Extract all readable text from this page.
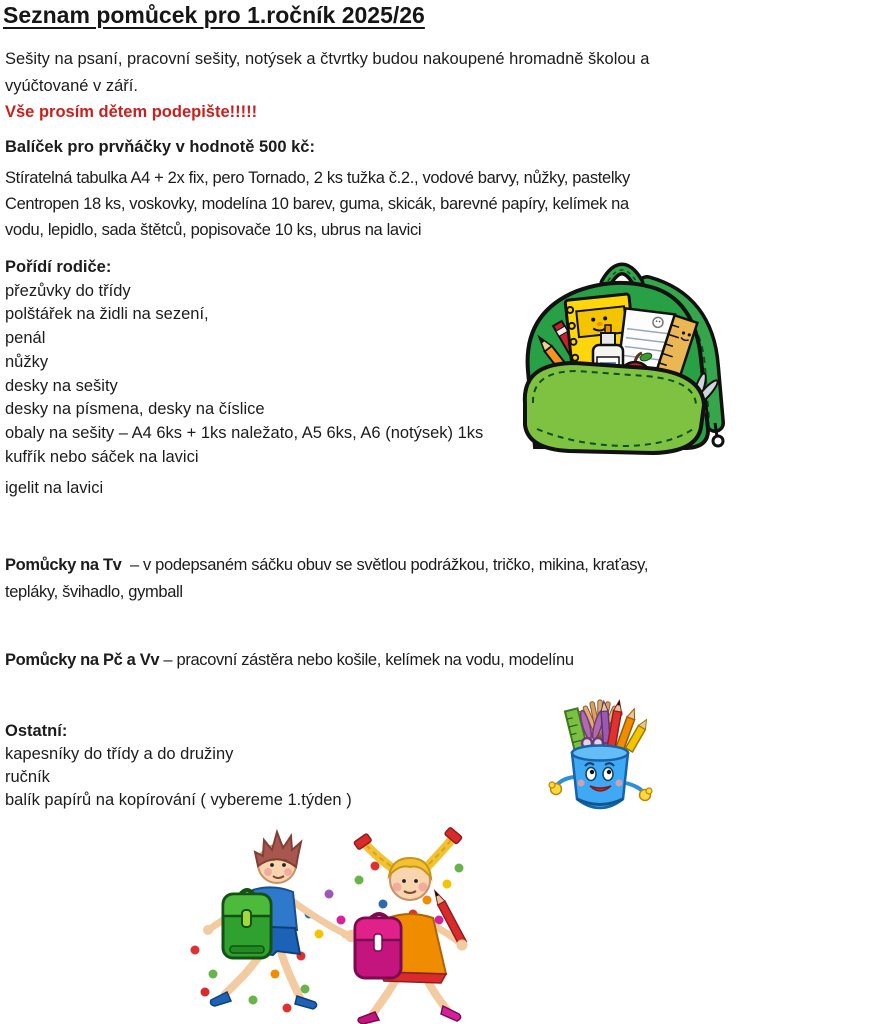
Seznam pomůcek pro 1.ročník 2025/26
Sešity na psaní, pracovní sešity, notýsek a čtvrtky budou nakoupené hromadně školou a
vyúčtované v září.
Vše prosím dětem podepište!!!!!
Balíček pro prvňáčky v hodnotě 500 kč:
Stíratelná tabulka A4 + 2x fix, pero Tornado, 2 ks tužka č.2., vodové barvy, nůžky, pastelky
Centropen 18 ks, voskovky, modelína 10 barev, guma, skicák, barevné papíry, kelímek na
vodu, lepidlo, sada štětců, popisovače 10 ks, ubrus na lavici
Pořídí rodiče:
přezůvky do třídy
polštářek na židli na sezení,
penál
nůžky
desky na sešity
desky na písmena, desky na číslice
obaly na sešity – A4 6ks + 1ks naležato, A5 6ks, A6 (notýsek) 1ks
kufřík nebo sáček na lavici
igelit na lavici
Pomůcky na Tv  – v podepsaném sáčku obuv se světlou podrážkou, tričko, mikina, kraťasy,
tepláky, švihadlo, gymball
Pomůcky na Pč a Vv – pracovní zástěra nebo košile, kelímek na vodu, modelínu
Ostatní:
kapesníky do třídy a do družiny
ručník
balík papírů na kopírování ( vybereme 1.týden )
